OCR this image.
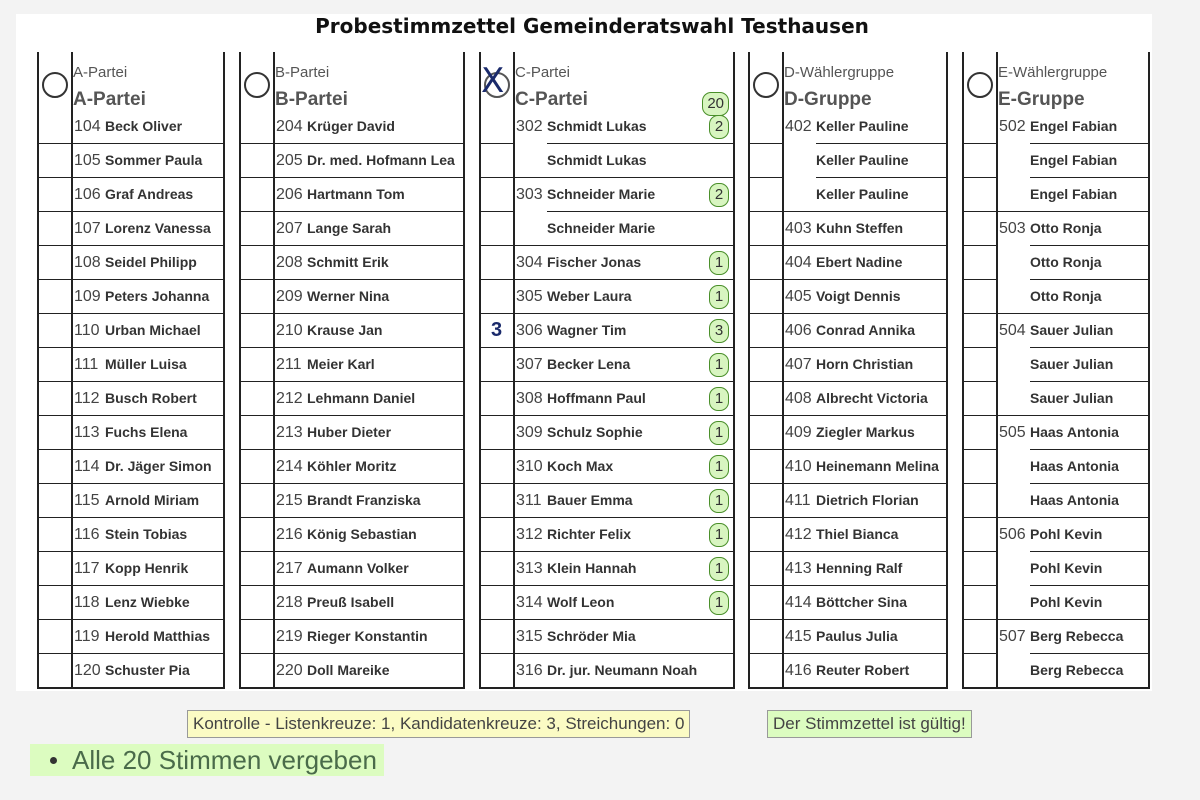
Probestimmzettel Gemeinderatswahl Testhausen
A-Partei
A-Partei
104 Beck Oliver
105 Sommer Paula
106 Graf Andreas
107 Lorenz Vanessa
108 Seidel Philipp
109 Peters Johanna
110 Urban Michael
111 Müller Luisa
112 Busch Robert
113 Fuchs Elena
114 Dr. Jäger Simon
115 Arnold Miriam
116 Stein Tobias
117 Kopp Henrik
118 Lenz Wiebke
119 Herold Matthias
120 Schuster Pia
B-Partei
B-Partei
204 Krüger David
205 Dr. med. Hofmann Lea
206 Hartmann Tom
207 Lange Sarah
208 Schmitt Erik
209 Werner Nina
210 Krause Jan
211 Meier Karl
212 Lehmann Daniel
213 Huber Dieter
214 Köhler Moritz
215 Brandt Franziska
216 König Sebastian
217 Aumann Volker
218 Preuß Isabell
219 Rieger Konstantin
220 Doll Mareike
X C-Partei
C-Partei	20
302 Schmidt Lukas	2
Schmidt Lukas
303 Schneider Marie	2
Schneider Marie
304 Fischer Jonas	1
305 Weber Laura	1
3 306 Wagner Tim	3
307 Becker Lena	1
308 Hoffmann Paul	1
309 Schulz Sophie	1
310 Koch Max	1
311 Bauer Emma	1
312 Richter Felix	1
313 Klein Hannah	1
314 Wolf Leon	1
315 Schröder Mia
316 Dr. jur. Neumann Noah
D-Wählergruppe
D-Gruppe
402 Keller Pauline
Keller Pauline
Keller Pauline
403 Kuhn Steffen
404 Ebert Nadine
405 Voigt Dennis
406 Conrad Annika
407 Horn Christian
408 Albrecht Victoria
409 Ziegler Markus
410 Heinemann Melina
411 Dietrich Florian
412 Thiel Bianca
413 Henning Ralf
414 Böttcher Sina
415 Paulus Julia
416 Reuter Robert
E-Wählergruppe
E-Gruppe
502 Engel Fabian
Engel Fabian
Engel Fabian
503 Otto Ronja
Otto Ronja
Otto Ronja
504 Sauer Julian
Sauer Julian
Sauer Julian
505 Haas Antonia
Haas Antonia
Haas Antonia
506 Pohl Kevin
Pohl Kevin
Pohl Kevin
507 Berg Rebecca
Berg Rebecca
Kontrolle - Listenkreuze: 1, Kandidatenkreuze: 3, Streichungen: 0	Der Stimmzettel ist gültig!
Alle 20 Stimmen vergeben
